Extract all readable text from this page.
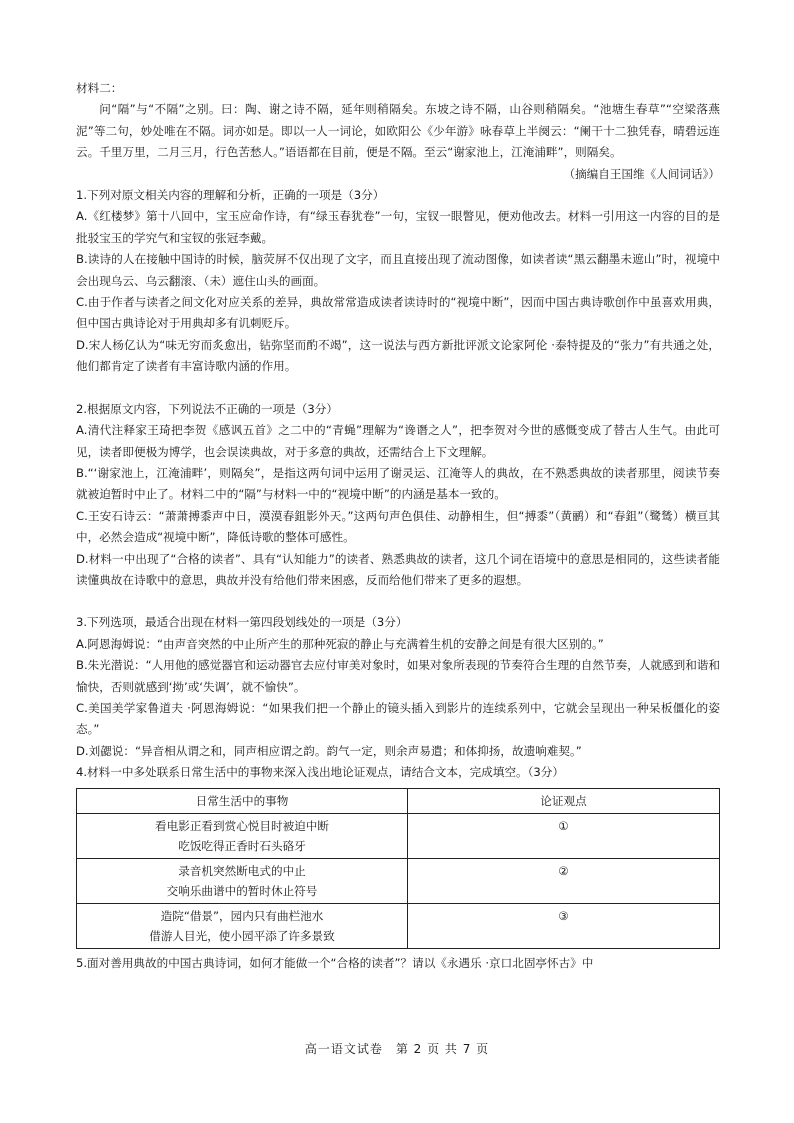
材料二：

问“隔”与“不隔”之别。曰：陶、谢之诗不隔，延年则稍隔矣。东坡之诗不隔，山谷则稍隔矣。“池塘生春草”“空梁落燕泥”等二句，妙处唯在不隔。词亦如是。即以一人一词论，如欧阳公《少年游》咏春草上半阕云：“阑干十二独凭春，晴碧远连云。千里万里，二月三月，行色苦愁人。”语语都在目前，便是不隔。至云“谢家池上，江淹浦畔”，则隔矣。

（摘编自王国维《人间词话》）

1.下列对原文相关内容的理解和分析，正确的一项是（3分）

A.《红楼梦》第十八回中，宝玉应命作诗，有“绿玉春犹卷”一句，宝钗一眼瞥见，便劝他改去。材料一引用这一内容的目的是批驳宝玉的学究气和宝钗的张冠李戴。

B.读诗的人在接触中国诗的时候，脑荧屏不仅出现了文字，而且直接出现了流动图像，如读者读“黑云翻墨未遮山”时，视境中会出现乌云、乌云翻滚、（未）遮住山头的画面。

C.由于作者与读者之间文化对应关系的差异，典故常常造成读者读诗时的“视境中断”，因而中国古典诗歌创作中虽喜欢用典，但中国古典诗论对于用典却多有讥刺贬斥。

D.宋人杨亿认为“味无穷而炙愈出，钻弥坚而酌不竭”，这一说法与西方新批评派文论家阿伦 ·泰特提及的“张力”有共通之处，他们都肯定了读者有丰富诗歌内涵的作用。

2.根据原文内容，下列说法不正确的一项是（3分）

A.清代注释家王琦把李贺《感讽五首》之二中的“青蝇”理解为“谗谮之人”，把李贺对今世的感慨变成了替古人生气。由此可见，读者即便极为博学，也会误读典故，对于多意的典故，还需结合上下文理解。

B.“‘谢家池上，江淹浦畔’，则隔矣”，是指这两句词中运用了谢灵运、江淹等人的典故，在不熟悉典故的读者那里，阅读节奏就被迫暂时中止了。材料二中的“隔”与材料一中的“视境中断”的内涵是基本一致的。

C.王安石诗云：“萧萧搏黍声中日，漠漠春鉏影外天。”这两句声色俱佳、动静相生，但“搏黍”（黄鹂）和“春鉏”（鹭鸶）横亘其中，必然会造成“视境中断”，降低诗歌的整体可感性。

D.材料一中出现了“合格的读者”、具有“认知能力”的读者、熟悉典故的读者，这几个词在语境中的意思是相同的，这些读者能读懂典故在诗歌中的意思，典故并没有给他们带来困惑，反而给他们带来了更多的遐想。

3.下列选项，最适合出现在材料一第四段划线处的一项是（3分）

A.阿恩海姆说：“由声音突然的中止所产生的那种死寂的静止与充满着生机的安静之间是有很大区别的。”

B.朱光潜说：“人用他的感觉器官和运动器官去应付审美对象时，如果对象所表现的节奏符合生理的自然节奏，人就感到和谐和愉快，否则就感到‘拗’或‘失调’，就不愉快”。

C.美国美学家鲁道夫 ·阿恩海姆说：“如果我们把一个静止的镜头插入到影片的连续系列中，它就会呈现出一种呆板僵化的姿态。”

D.刘勰说：“异音相从谓之和，同声相应谓之韵。韵气一定，则余声易遣；和体抑扬，故遗响难契。”

4.材料一中多处联系日常生活中的事物来深入浅出地论证观点，请结合文本，完成填空。（3分）

日常生活中的事物	论证观点

看电影正看到赏心悦目时被迫中断
吃饭吃得正香时石头硌牙	①

录音机突然断电式的中止
交响乐曲谱中的暂时休止符号	②

造院“借景”，园内只有曲栏池水
借游人目光，使小园平添了许多景致	③

5.面对善用典故的中国古典诗词，如何才能做一个“合格的读者”？请以《永遇乐 ·京口北固亭怀古》中

高一语文试卷　第 2 页 共 7 页
